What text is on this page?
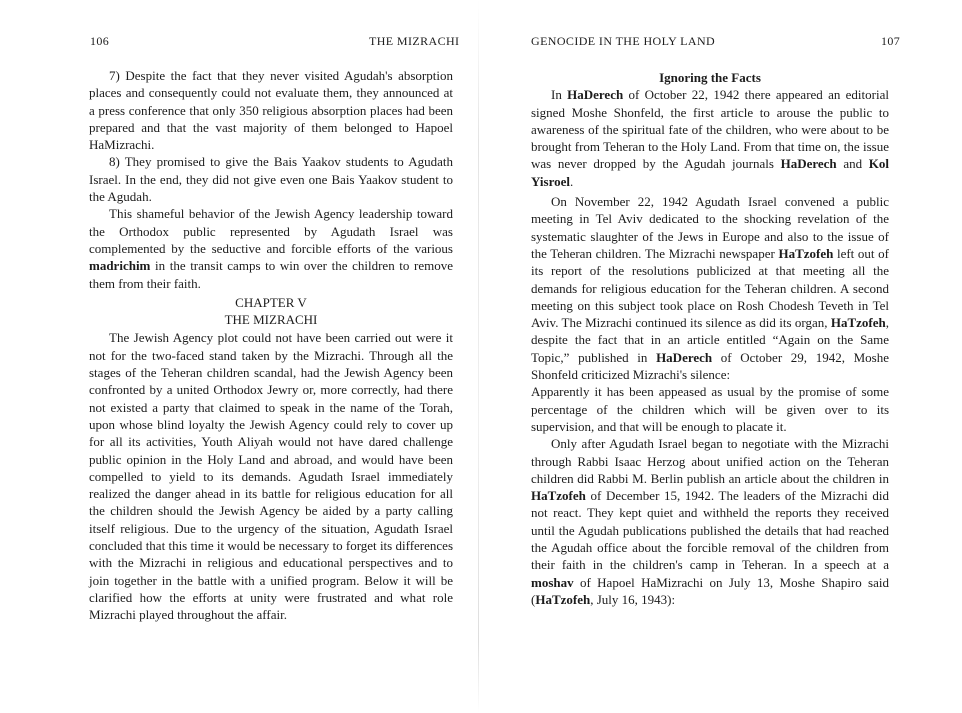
106	THE MIZRACHI

7) Despite the fact that they never visited Agudah's absorption places and consequently could not evaluate them, they announced at a press conference that only 350 religious absorption places had been prepared and that the vast majority of them belonged to Hapoel HaMizrachi.

8) They promised to give the Bais Yaakov students to Agudath Israel. In the end, they did not give even one Bais Yaakov student to the Agudah.

This shameful behavior of the Jewish Agency leadership toward the Orthodox public represented by Agudath Israel was complemented by the seductive and forcible efforts of the various madrichim in the transit camps to win over the children to remove them from their faith.

CHAPTER V

THE MIZRACHI

The Jewish Agency plot could not have been carried out were it not for the two-faced stand taken by the Mizrachi. Through all the stages of the Teheran children scandal, had the Jewish Agency been confronted by a united Orthodox Jewry or, more correctly, had there not existed a party that claimed to speak in the name of the Torah, upon whose blind loyalty the Jewish Agency could rely to cover up for all its activities, Youth Aliyah would not have dared challenge public opinion in the Holy Land and abroad, and would have been compelled to yield to its demands. Agudath Israel immediately realized the danger ahead in its battle for religious education for all the children should the Jewish Agency be aided by a party calling itself religious. Due to the urgency of the situation, Agudath Israel concluded that this time it would be necessary to forget its differences with the Mizrachi in religious and educational perspectives and to join together in the battle with a unified program. Below it will be clarified how the efforts at unity were frustrated and what role Mizrachi played throughout the affair.

GENOCIDE IN THE HOLY LAND	107

Ignoring the Facts

In HaDerech of October 22, 1942 there appeared an editorial signed Moshe Shonfeld, the first article to arouse the public to awareness of the spiritual fate of the children, who were about to be brought from Teheran to the Holy Land. From that time on, the issue was never dropped by the Agudah journals HaDerech and Kol Yisroel.

On November 22, 1942 Agudath Israel convened a public meeting in Tel Aviv dedicated to the shocking revelation of the systematic slaughter of the Jews in Europe and also to the issue of the Teheran children. The Mizrachi newspaper HaTzofeh left out of its report of the resolutions publicized at that meeting all the demands for religious education for the Teheran children. A second meeting on this subject took place on Rosh Chodesh Teveth in Tel Aviv. The Mizrachi continued its silence as did its organ, HaTzofeh, despite the fact that in an article entitled “Again on the Same Topic,” published in HaDerech of October 29, 1942, Moshe Shonfeld criticized Mizrachi's silence:

Apparently it has been appeased as usual by the promise of some percentage of the children which will be given over to its supervision, and that will be enough to placate it.

Only after Agudath Israel began to negotiate with the Mizrachi through Rabbi Isaac Herzog about unified action on the Teheran children did Rabbi M. Berlin publish an article about the children in HaTzofeh of December 15, 1942. The leaders of the Mizrachi did not react. They kept quiet and withheld the reports they received until the Agudah publications published the details that had reached the Agudah office about the forcible removal of the children from their faith in the children's camp in Teheran. In a speech at a moshav of Hapoel HaMizrachi on July 13, Moshe Shapiro said (HaTzofeh, July 16, 1943):
